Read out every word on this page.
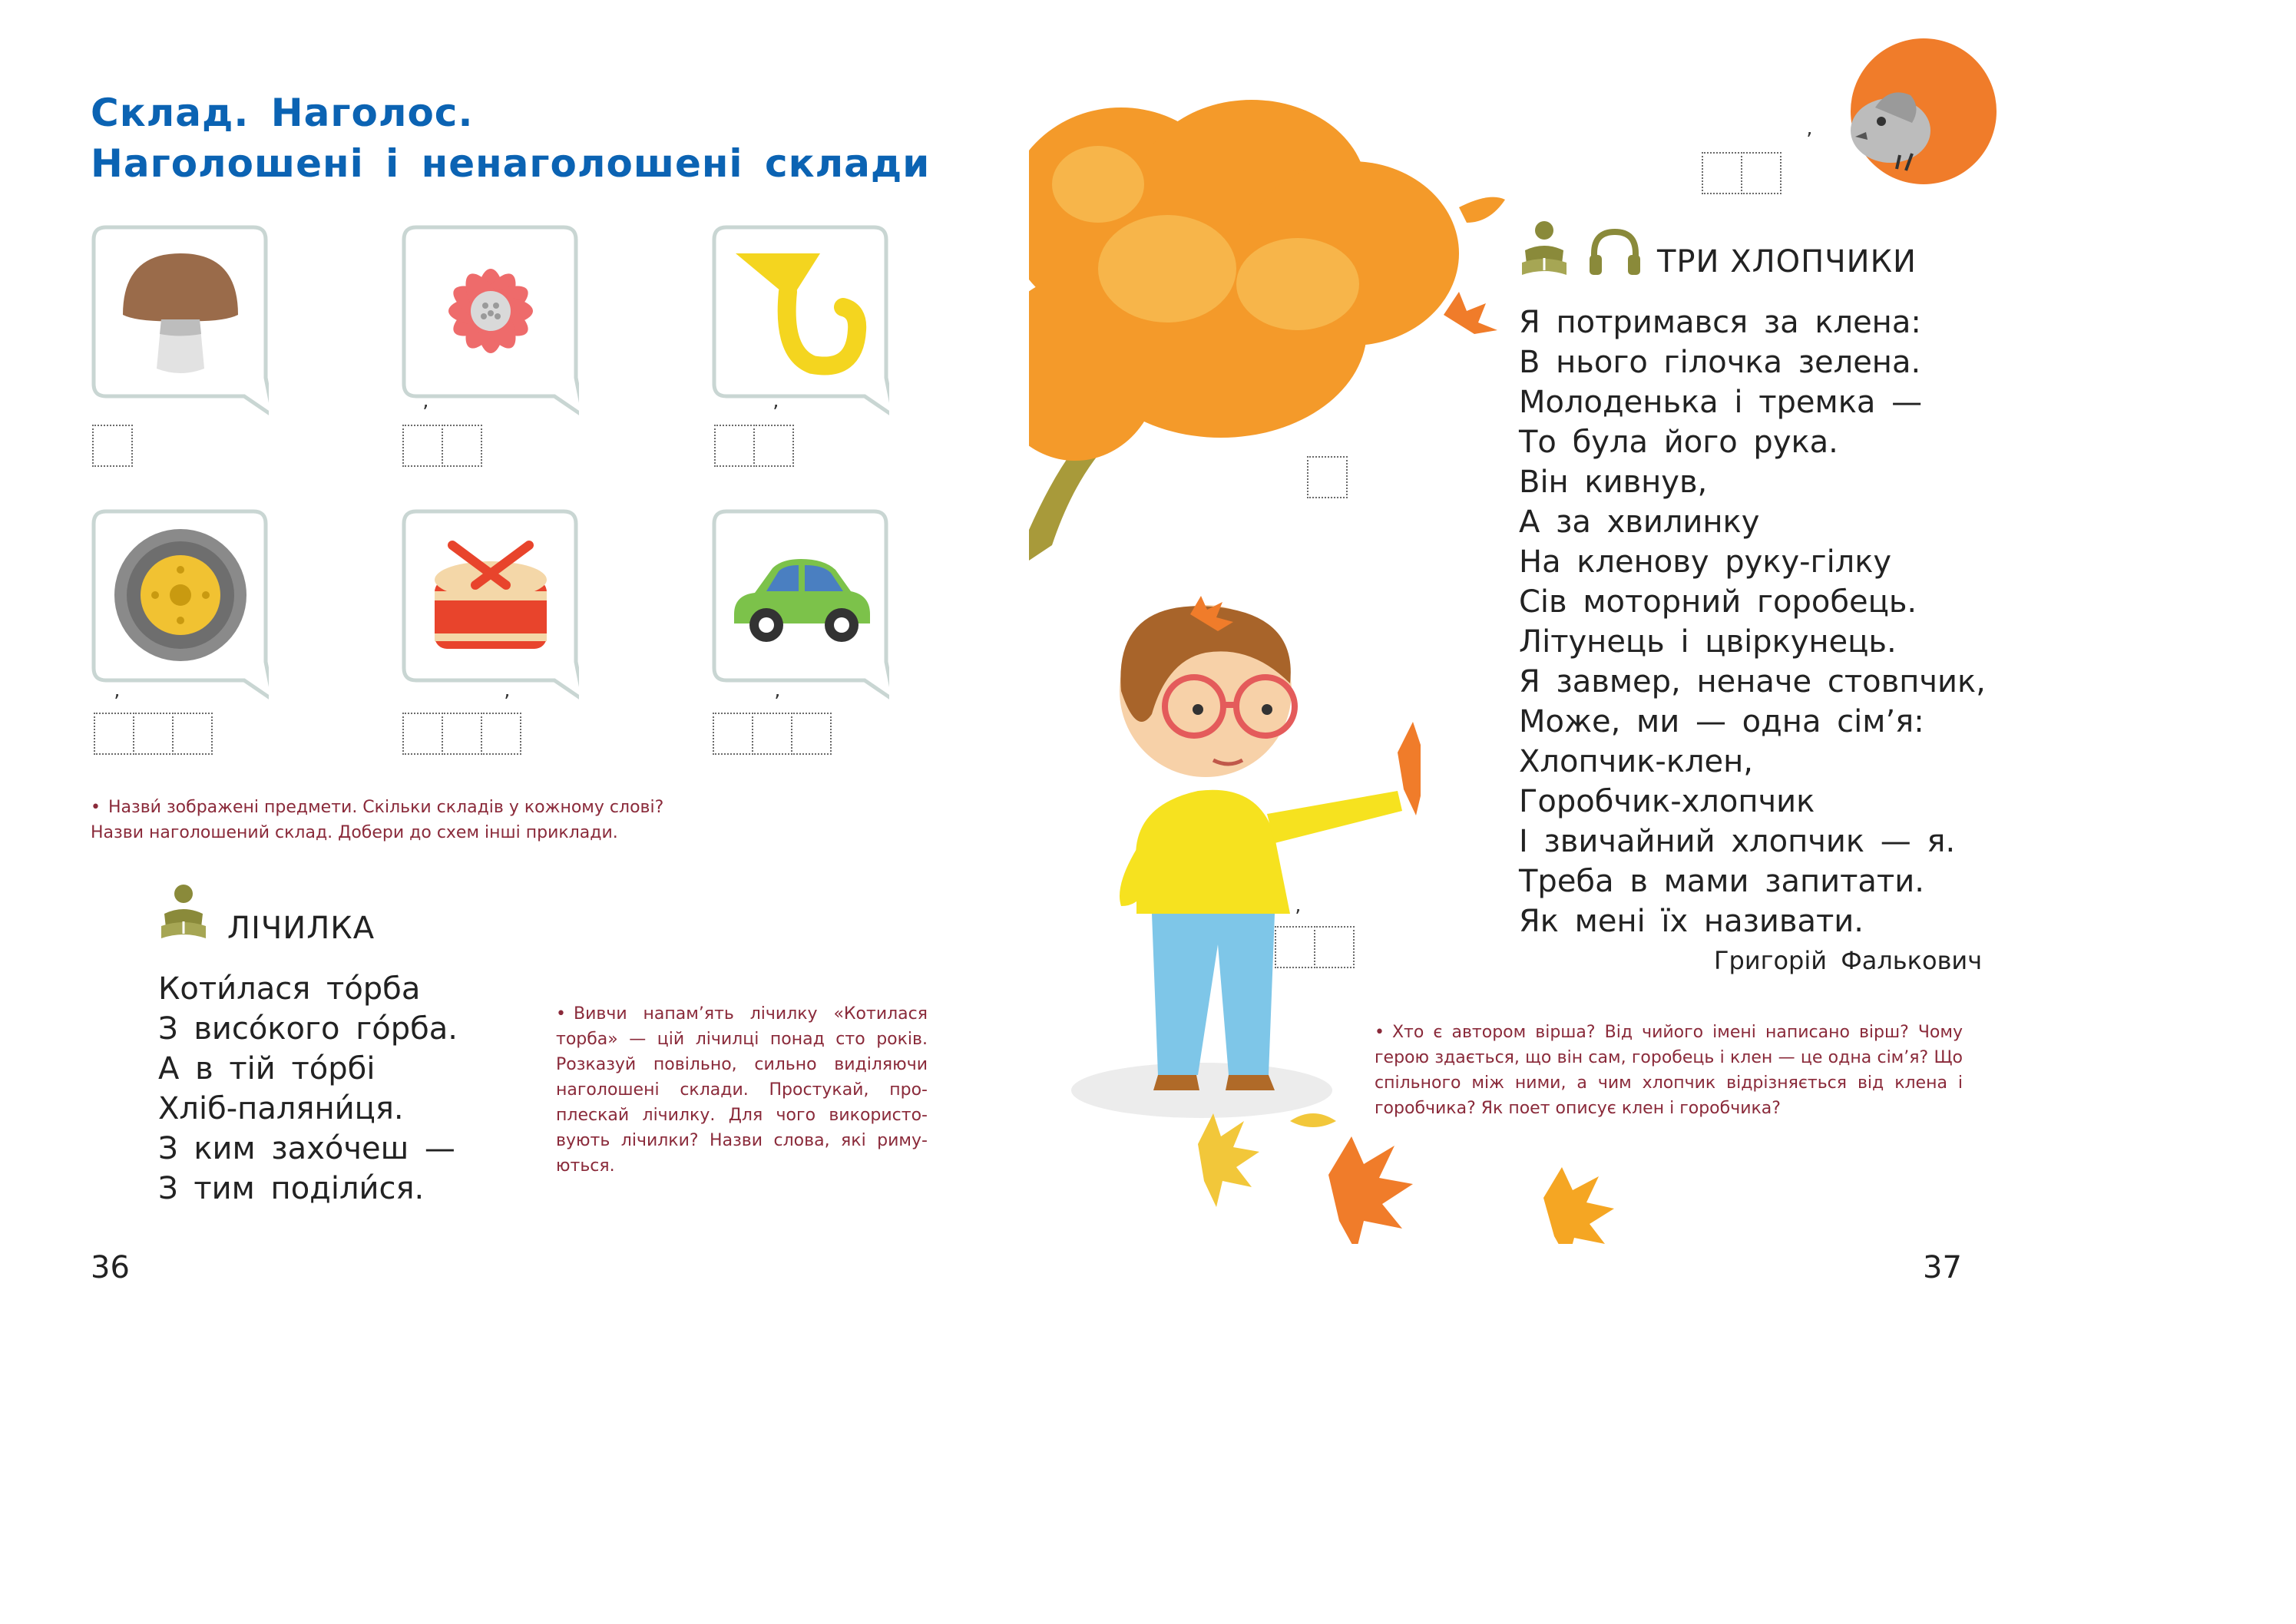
Склад. Наголос.
Наголошені і ненаголошені склади
ʼ	ʼ
ʼ	ʼ	ʼ
• Назви́ зображені предмети. Скільки складів у кожному слові?
Назви наголошений склад. Добери до схем інші приклади.
ЛІЧИЛКА
Коти́лася то́рба
З висо́кого го́рба.
А в тій то́рбі
Хліб-паляни́ця.
З ким захо́чеш —
З тим поділи́ся.
• Вивчи напам’ять лічилку «Котилася торба» — цій лічилці понад сто років. Розказуй повільно, сильно виділяючи наголошені склади. Простукай, проплескай лічилку. Для чого використовують лічилки? Назви слова, які римуються.
36
ʼ
ТРИ ХЛОПЧИКИ
Я потримався за клена:
В нього гілочка зелена.
Молоденька і тремка —
То була його рука.
Він кивнув,
А за хвилинку
На кленову руку-гілку
Сів моторний горобець.
Літунець і цвіркунець.
Я завмер, неначе стовпчик,
Може, ми — одна сім’я:
Хлопчик-клен,
Горобчик-хлопчик
І звичайний хлопчик — я.
Треба в мами запитати.
Як мені їх називати.
Григорій Фалькович
ʼ
• Хто є автором вірша? Від чийого імені написано вірш? Чому герою здається, що він сам, горобець і клен — це одна сім’я? Що спільного між ними, а чим хлопчик відрізняється від клена і горобчика? Як поет описує клен і горобчика?
37
